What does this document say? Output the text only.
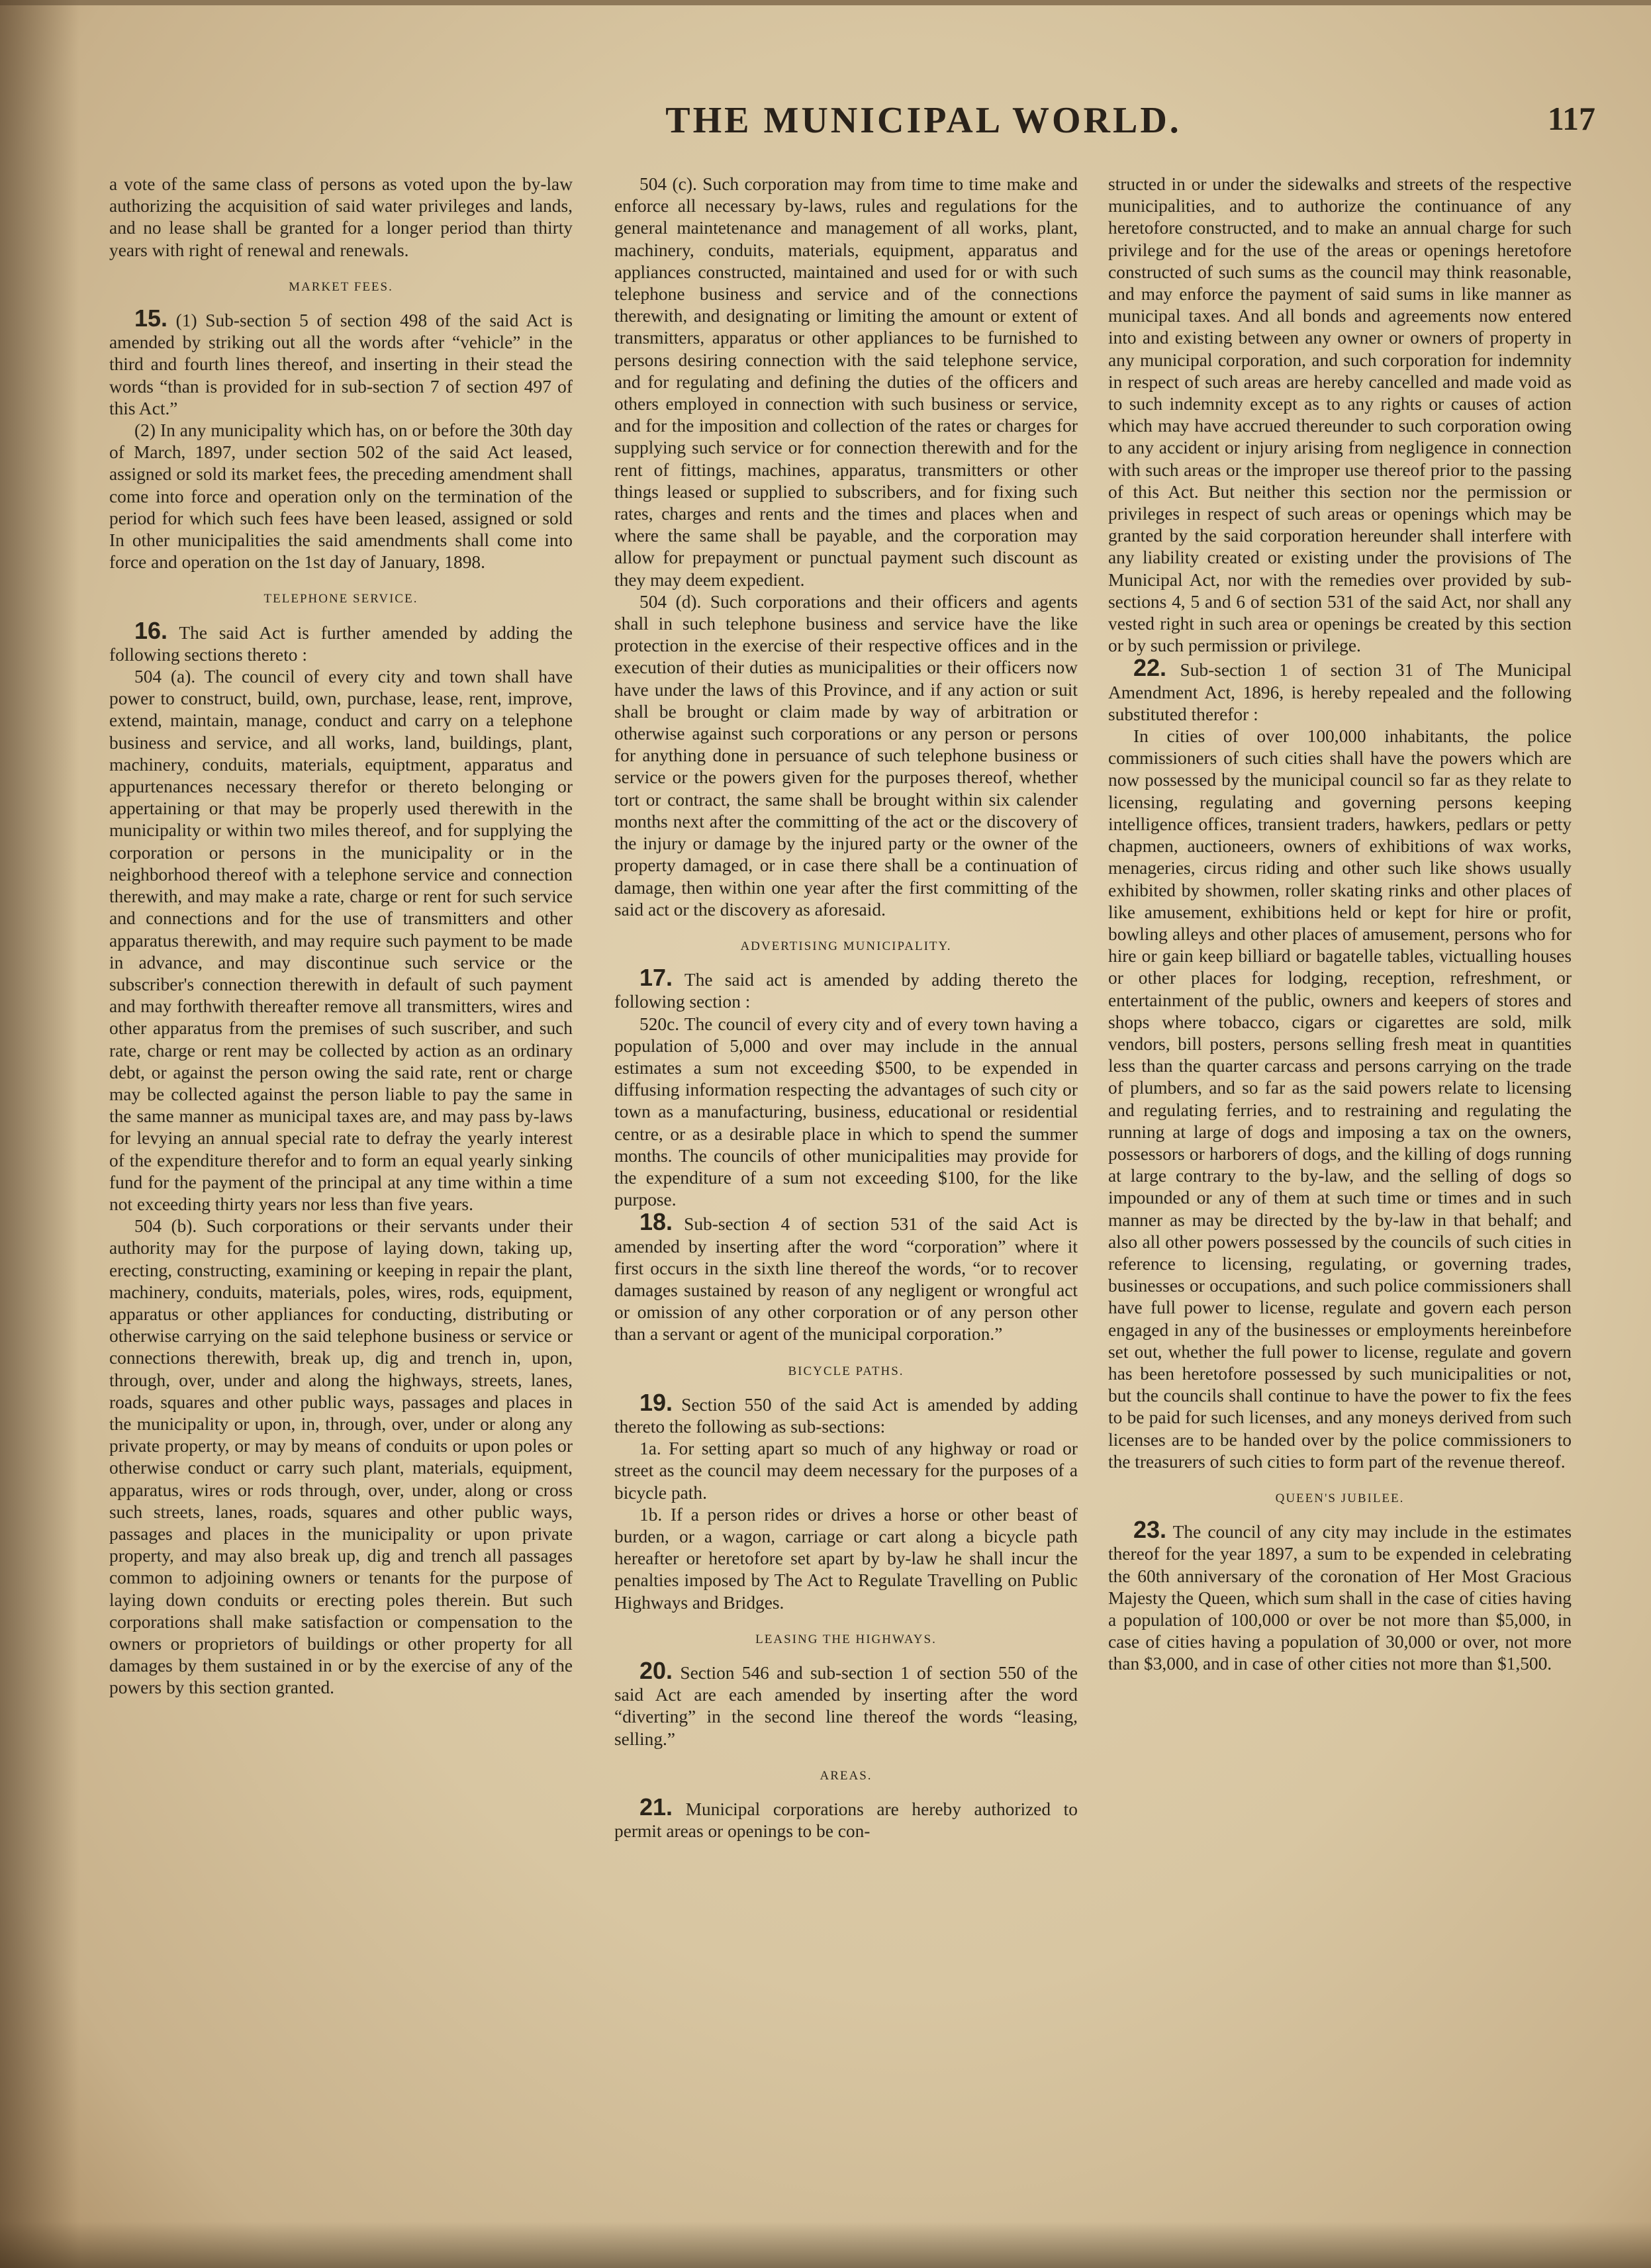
THE MUNICIPAL WORLD.	117

a vote of the same class of persons as voted upon the by-law authorizing the acquisition of said water privileges and lands, and no lease shall be granted for a longer period than thirty years with right of renewal and renewals.

MARKET FEES.

15. (1) Sub-section 5 of section 498 of the said Act is amended by striking out all the words after “vehicle” in the third and fourth lines thereof, and inserting in their stead the words “than is provided for in sub-section 7 of section 497 of this Act.”

(2) In any municipality which has, on or before the 30th day of March, 1897, under section 502 of the said Act leased, assigned or sold its market fees, the preceding amendment shall come into force and operation only on the termination of the period for which such fees have been leased, assigned or sold In other municipalities the said amendments shall come into force and operation on the 1st day of January, 1898.

TELEPHONE SERVICE.

16. The said Act is further amended by adding the following sections thereto :

504 (a). The council of every city and town shall have power to construct, build, own, purchase, lease, rent, improve, extend, maintain, manage, conduct and carry on a telephone business and service, and all works, land, buildings, plant, machinery, conduits, materials, equiptment, apparatus and appurtenances necessary therefor or thereto belonging or appertaining or that may be properly used therewith in the municipality or within two miles thereof, and for supplying the corporation or persons in the municipality or in the neighborhood thereof with a telephone service and connection therewith, and may make a rate, charge or rent for such service and connections and for the use of transmitters and other apparatus therewith, and may require such payment to be made in advance, and may discontinue such service or the subscriber's connection therewith in default of such payment and may forthwith thereafter remove all transmitters, wires and other apparatus from the premises of such suscriber, and such rate, charge or rent may be collected by action as an ordinary debt, or against the person owing the said rate, rent or charge may be collected against the person liable to pay the same in the same manner as municipal taxes are, and may pass by-laws for levying an annual special rate to defray the yearly interest of the expenditure therefor and to form an equal yearly sinking fund for the payment of the principal at any time within a time not exceeding thirty years nor less than five years.

504 (b). Such corporations or their servants under their authority may for the purpose of laying down, taking up, erecting, constructing, examining or keeping in repair the plant, machinery, conduits, materials, poles, wires, rods, equipment, apparatus or other appliances for conducting, distributing or otherwise carrying on the said telephone business or service or connections therewith, break up, dig and trench in, upon, through, over, under and along the highways, streets, lanes, roads, squares and other public ways, passages and places in the municipality or upon, in, through, over, under or along any private property, or may by means of conduits or upon poles or otherwise conduct or carry such plant, materials, equipment, apparatus, wires or rods through, over, under, along or cross such streets, lanes, roads, squares and other public ways, passages and places in the municipality or upon private property, and may also break up, dig and trench all passages common to adjoining owners or tenants for the purpose of laying down conduits or erecting poles therein. But such corporations shall make satisfaction or compensation to the owners or proprietors of buildings or other property for all damages by them sustained in or by the exercise of any of the powers by this section granted.

504 (c). Such corporation may from time to time make and enforce all necessary by-laws, rules and regulations for the general maintetenance and management of all works, plant, machinery, conduits, materials, equipment, apparatus and appliances constructed, maintained and used for or with such telephone business and service and of the connections therewith, and designating or limiting the amount or extent of transmitters, apparatus or other appliances to be furnished to persons desiring connection with the said telephone service, and for regulating and defining the duties of the officers and others employed in connection with such business or service, and for the imposition and collection of the rates or charges for supplying such service or for connection therewith and for the rent of fittings, machines, apparatus, transmitters or other things leased or supplied to subscribers, and for fixing such rates, charges and rents and the times and places when and where the same shall be payable, and the corporation may allow for prepayment or punctual payment such discount as they may deem expedient.

504 (d). Such corporations and their officers and agents shall in such telephone business and service have the like protection in the exercise of their respective offices and in the execution of their duties as municipalities or their officers now have under the laws of this Province, and if any action or suit shall be brought or claim made by way of arbitration or otherwise against such corporations or any person or persons for anything done in persuance of such telephone business or service or the powers given for the purposes thereof, whether tort or contract, the same shall be brought within six calender months next after the committing of the act or the discovery of the injury or damage by the injured party or the owner of the property damaged, or in case there shall be a continuation of damage, then within one year after the first committing of the said act or the discovery as aforesaid.

ADVERTISING MUNICIPALITY.

17. The said act is amended by adding thereto the following section :

520c. The council of every city and of every town having a population of 5,000 and over may include in the annual estimates a sum not exceeding $500, to be expended in diffusing information respecting the advantages of such city or town as a manufacturing, business, educational or residential centre, or as a desirable place in which to spend the summer months. The councils of other municipalities may provide for the expenditure of a sum not exceeding $100, for the like purpose.

18. Sub-section 4 of section 531 of the said Act is amended by inserting after the word “corporation” where it first occurs in the sixth line thereof the words, “or to recover damages sustained by reason of any negligent or wrongful act or omission of any other corporation or of any person other than a servant or agent of the municipal corporation.”

BICYCLE PATHS.

19. Section 550 of the said Act is amended by adding thereto the following as sub-sections:

1a. For setting apart so much of any highway or road or street as the council may deem necessary for the purposes of a bicycle path.

1b. If a person rides or drives a horse or other beast of burden, or a wagon, carriage or cart along a bicycle path hereafter or heretofore set apart by by-law he shall incur the penalties imposed by The Act to Regulate Travelling on Public Highways and Bridges.

LEASING THE HIGHWAYS.

20. Section 546 and sub-section 1 of section 550 of the said Act are each amended by inserting after the word “diverting” in the second line thereof the words “leasing, selling.”

AREAS.

21. Municipal corporations are hereby authorized to permit areas or openings to be con-

structed in or under the sidewalks and streets of the respective municipalities, and to authorize the continuance of any heretofore constructed, and to make an annual charge for such privilege and for the use of the areas or openings heretofore constructed of such sums as the council may think reasonable, and may enforce the payment of said sums in like manner as municipal taxes. And all bonds and agreements now entered into and existing between any owner or owners of property in any municipal corporation, and such corporation for indemnity in respect of such areas are hereby cancelled and made void as to such indemnity except as to any rights or causes of action which may have accrued thereunder to such corporation owing to any accident or injury arising from negligence in connection with such areas or the improper use thereof prior to the passing of this Act. But neither this section nor the permission or privileges in respect of such areas or openings which may be granted by the said corporation hereunder shall interfere with any liability created or existing under the provisions of The Municipal Act, nor with the remedies over provided by sub-sections 4, 5 and 6 of section 531 of the said Act, nor shall any vested right in such area or openings be created by this section or by such permission or privilege.

22. Sub-section 1 of section 31 of The Municipal Amendment Act, 1896, is hereby repealed and the following substituted therefor :

In cities of over 100,000 inhabitants, the police commissioners of such cities shall have the powers which are now possessed by the municipal council so far as they relate to licensing, regulating and governing persons keeping intelligence offices, transient traders, hawkers, pedlars or petty chapmen, auctioneers, owners of exhibitions of wax works, menageries, circus riding and other such like shows usually exhibited by showmen, roller skating rinks and other places of like amusement, exhibitions held or kept for hire or profit, bowling alleys and other places of amusement, persons who for hire or gain keep billiard or bagatelle tables, victualling houses or other places for lodging, reception, refreshment, or entertainment of the public, owners and keepers of stores and shops where tobacco, cigars or cigarettes are sold, milk vendors, bill posters, persons selling fresh meat in quantities less than the quarter carcass and persons carrying on the trade of plumbers, and so far as the said powers relate to licensing and regulating ferries, and to restraining and regulating the running at large of dogs and imposing a tax on the owners, possessors or harborers of dogs, and the killing of dogs running at large contrary to the by-law, and the selling of dogs so impounded or any of them at such time or times and in such manner as may be directed by the by-law in that behalf; and also all other powers possessed by the councils of such cities in reference to licensing, regulating, or governing trades, businesses or occupations, and such police commissioners shall have full power to license, regulate and govern each person engaged in any of the businesses or employments hereinbefore set out, whether the full power to license, regulate and govern has been heretofore possessed by such municipalities or not, but the councils shall continue to have the power to fix the fees to be paid for such licenses, and any moneys derived from such licenses are to be handed over by the police commissioners to the treasurers of such cities to form part of the revenue thereof.

QUEEN'S JUBILEE.

23. The council of any city may include in the estimates thereof for the year 1897, a sum to be expended in celebrating the 60th anniversary of the coronation of Her Most Gracious Majesty the Queen, which sum shall in the case of cities having a population of 100,000 or over be not more than $5,000, in case of cities having a population of 30,000 or over, not more than $3,000, and in case of other cities not more than $1,500.
